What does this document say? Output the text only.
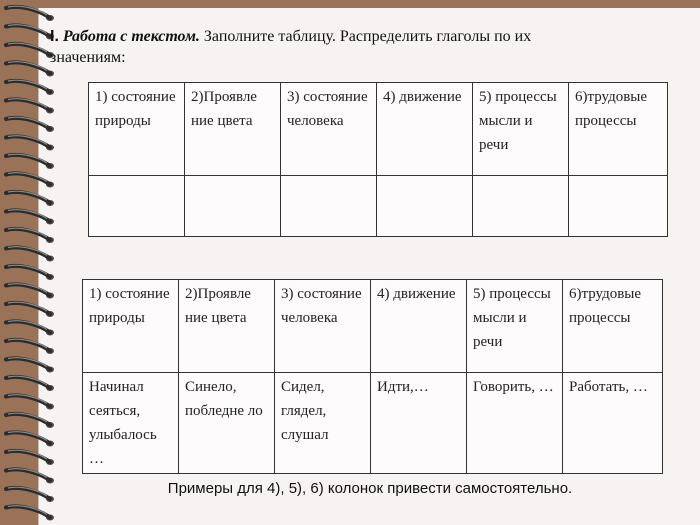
I. Работа с текстом. Заполните таблицу. Распределить глаголы по их
значениям:
1) состояние природы	2)Проявле ние цвета	3) состояние человека	4) движение	5) процессы мысли и речи	6)трудовые процессы

1) состояние природы	2)Проявле ние цвета	3) состояние человека	4) движение	5) процессы мысли и речи	6)трудовые процессы
Начинал сеяться, улыбалось …	Синело, побледне ло	Сидел, глядел, слушал	Идти,…	Говорить, …	Работать, …
Примеры для 4), 5), 6) колонок привести самостоятельно.
